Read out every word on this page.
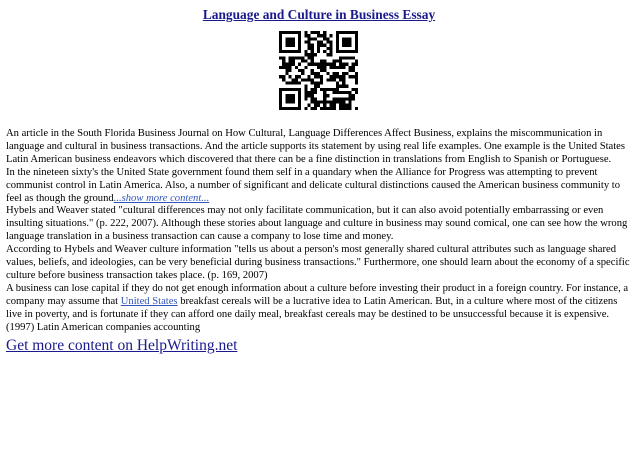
Language and Culture in Business Essay

An article in the South Florida Business Journal on How Cultural, Language Differences Affect Business, explains the miscommunication in language and cultural in business transactions. And the article supports its statement by using real life examples. One example is the United States Latin American business endeavors which discovered that there can be a fine distinction in translations from English to Spanish or Portuguese.

In the nineteen sixty's the United State government found them self in a quandary when the Alliance for Progress was attempting to prevent communist control in Latin America. Also, a number of significant and delicate cultural distinctions caused the American business community to feel as though the ground...show more content...

Hybels and Weaver stated "cultural differences may not only facilitate communication, but it can also avoid potentially embarrassing or even insulting situations." (p. 222, 2007). Although these stories about language and culture in business may sound comical, one can see how the wrong language translation in a business transaction can cause a company to lose time and money.

According to Hybels and Weaver culture information "tells us about a person's most generally shared cultural attributes such as language shared values, beliefs, and ideologies, can be very beneficial during business transactions." Furthermore, one should learn about the economy of a specific culture before business transaction takes place. (p. 169, 2007)

A business can lose capital if they do not get enough information about a culture before investing their product in a foreign country. For instance, a company may assume that United States breakfast cereals will be a lucrative idea to Latin American. But, in a culture where most of the citizens live in poverty, and is fortunate if they can afford one daily meal, breakfast cereals may be destined to be unsuccessful because it is expensive. (1997) Latin American companies accounting

Get more content on HelpWriting.net
